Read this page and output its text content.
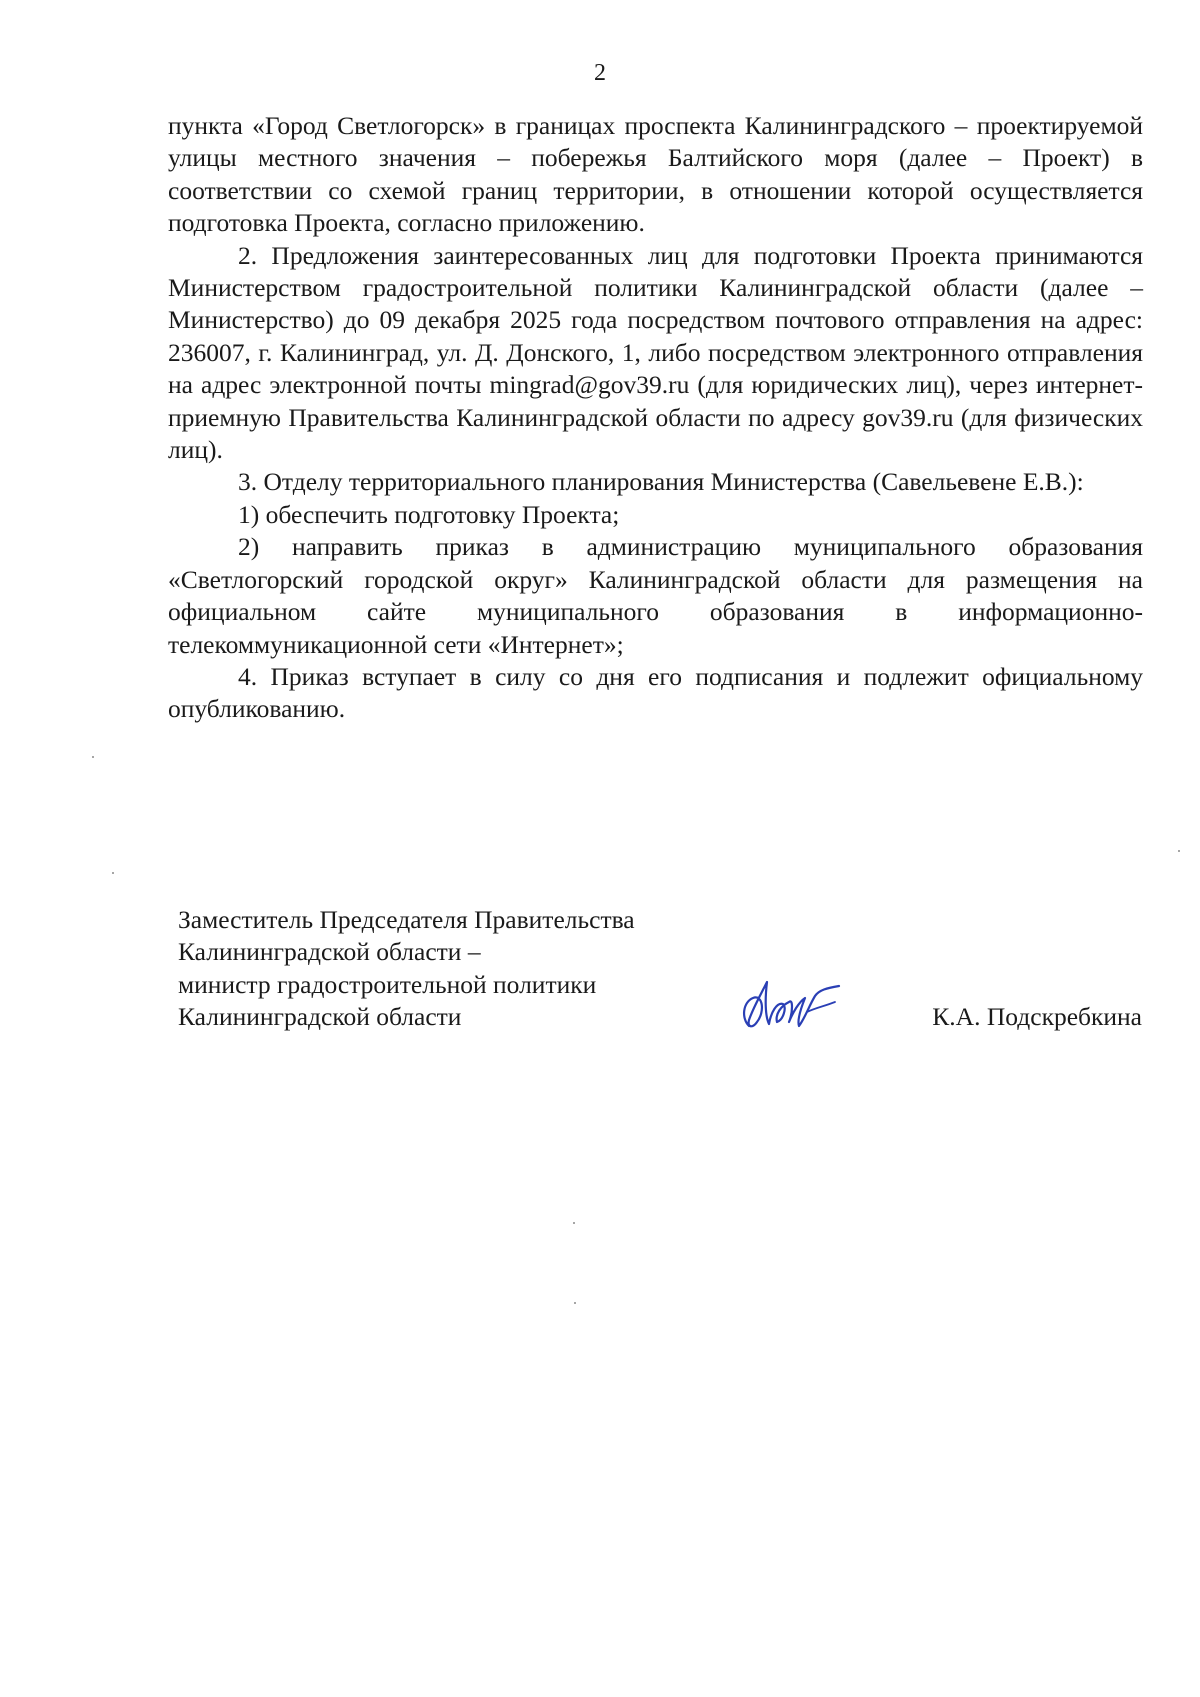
2

пункта «Город Светлогорск» в границах проспекта Калининградского – проектируемой улицы местного значения – побережья Балтийского моря (далее – Проект) в соответствии со схемой границ территории, в отношении которой осуществляется подготовка Проекта, согласно приложению.

2. Предложения заинтересованных лиц для подготовки Проекта принимаются Министерством градостроительной политики Калининградской области (далее – Министерство) до 09 декабря 2025 года посредством почтового отправления на адрес: 236007, г. Калининград, ул. Д. Донского, 1, либо посредством электронного отправления на адрес электронной почты mingrad@gov39.ru (для юридических лиц), через интернет-приемную Правительства Калининградской области по адресу gov39.ru (для физических лиц).

3. Отделу территориального планирования Министерства (Савельевене Е.В.):

1) обеспечить подготовку Проекта;

2) направить приказ в администрацию муниципального образования «Светлогорский городской округ» Калининградской области для размещения на официальном сайте муниципального образования в информационно-телекоммуникационной сети «Интернет»;

4. Приказ вступает в силу со дня его подписания и подлежит официальному опубликованию.

Заместитель Председателя Правительства
Калининградской области –
министр градостроительной политики
Калининградской области	К.А. Подскребкина
